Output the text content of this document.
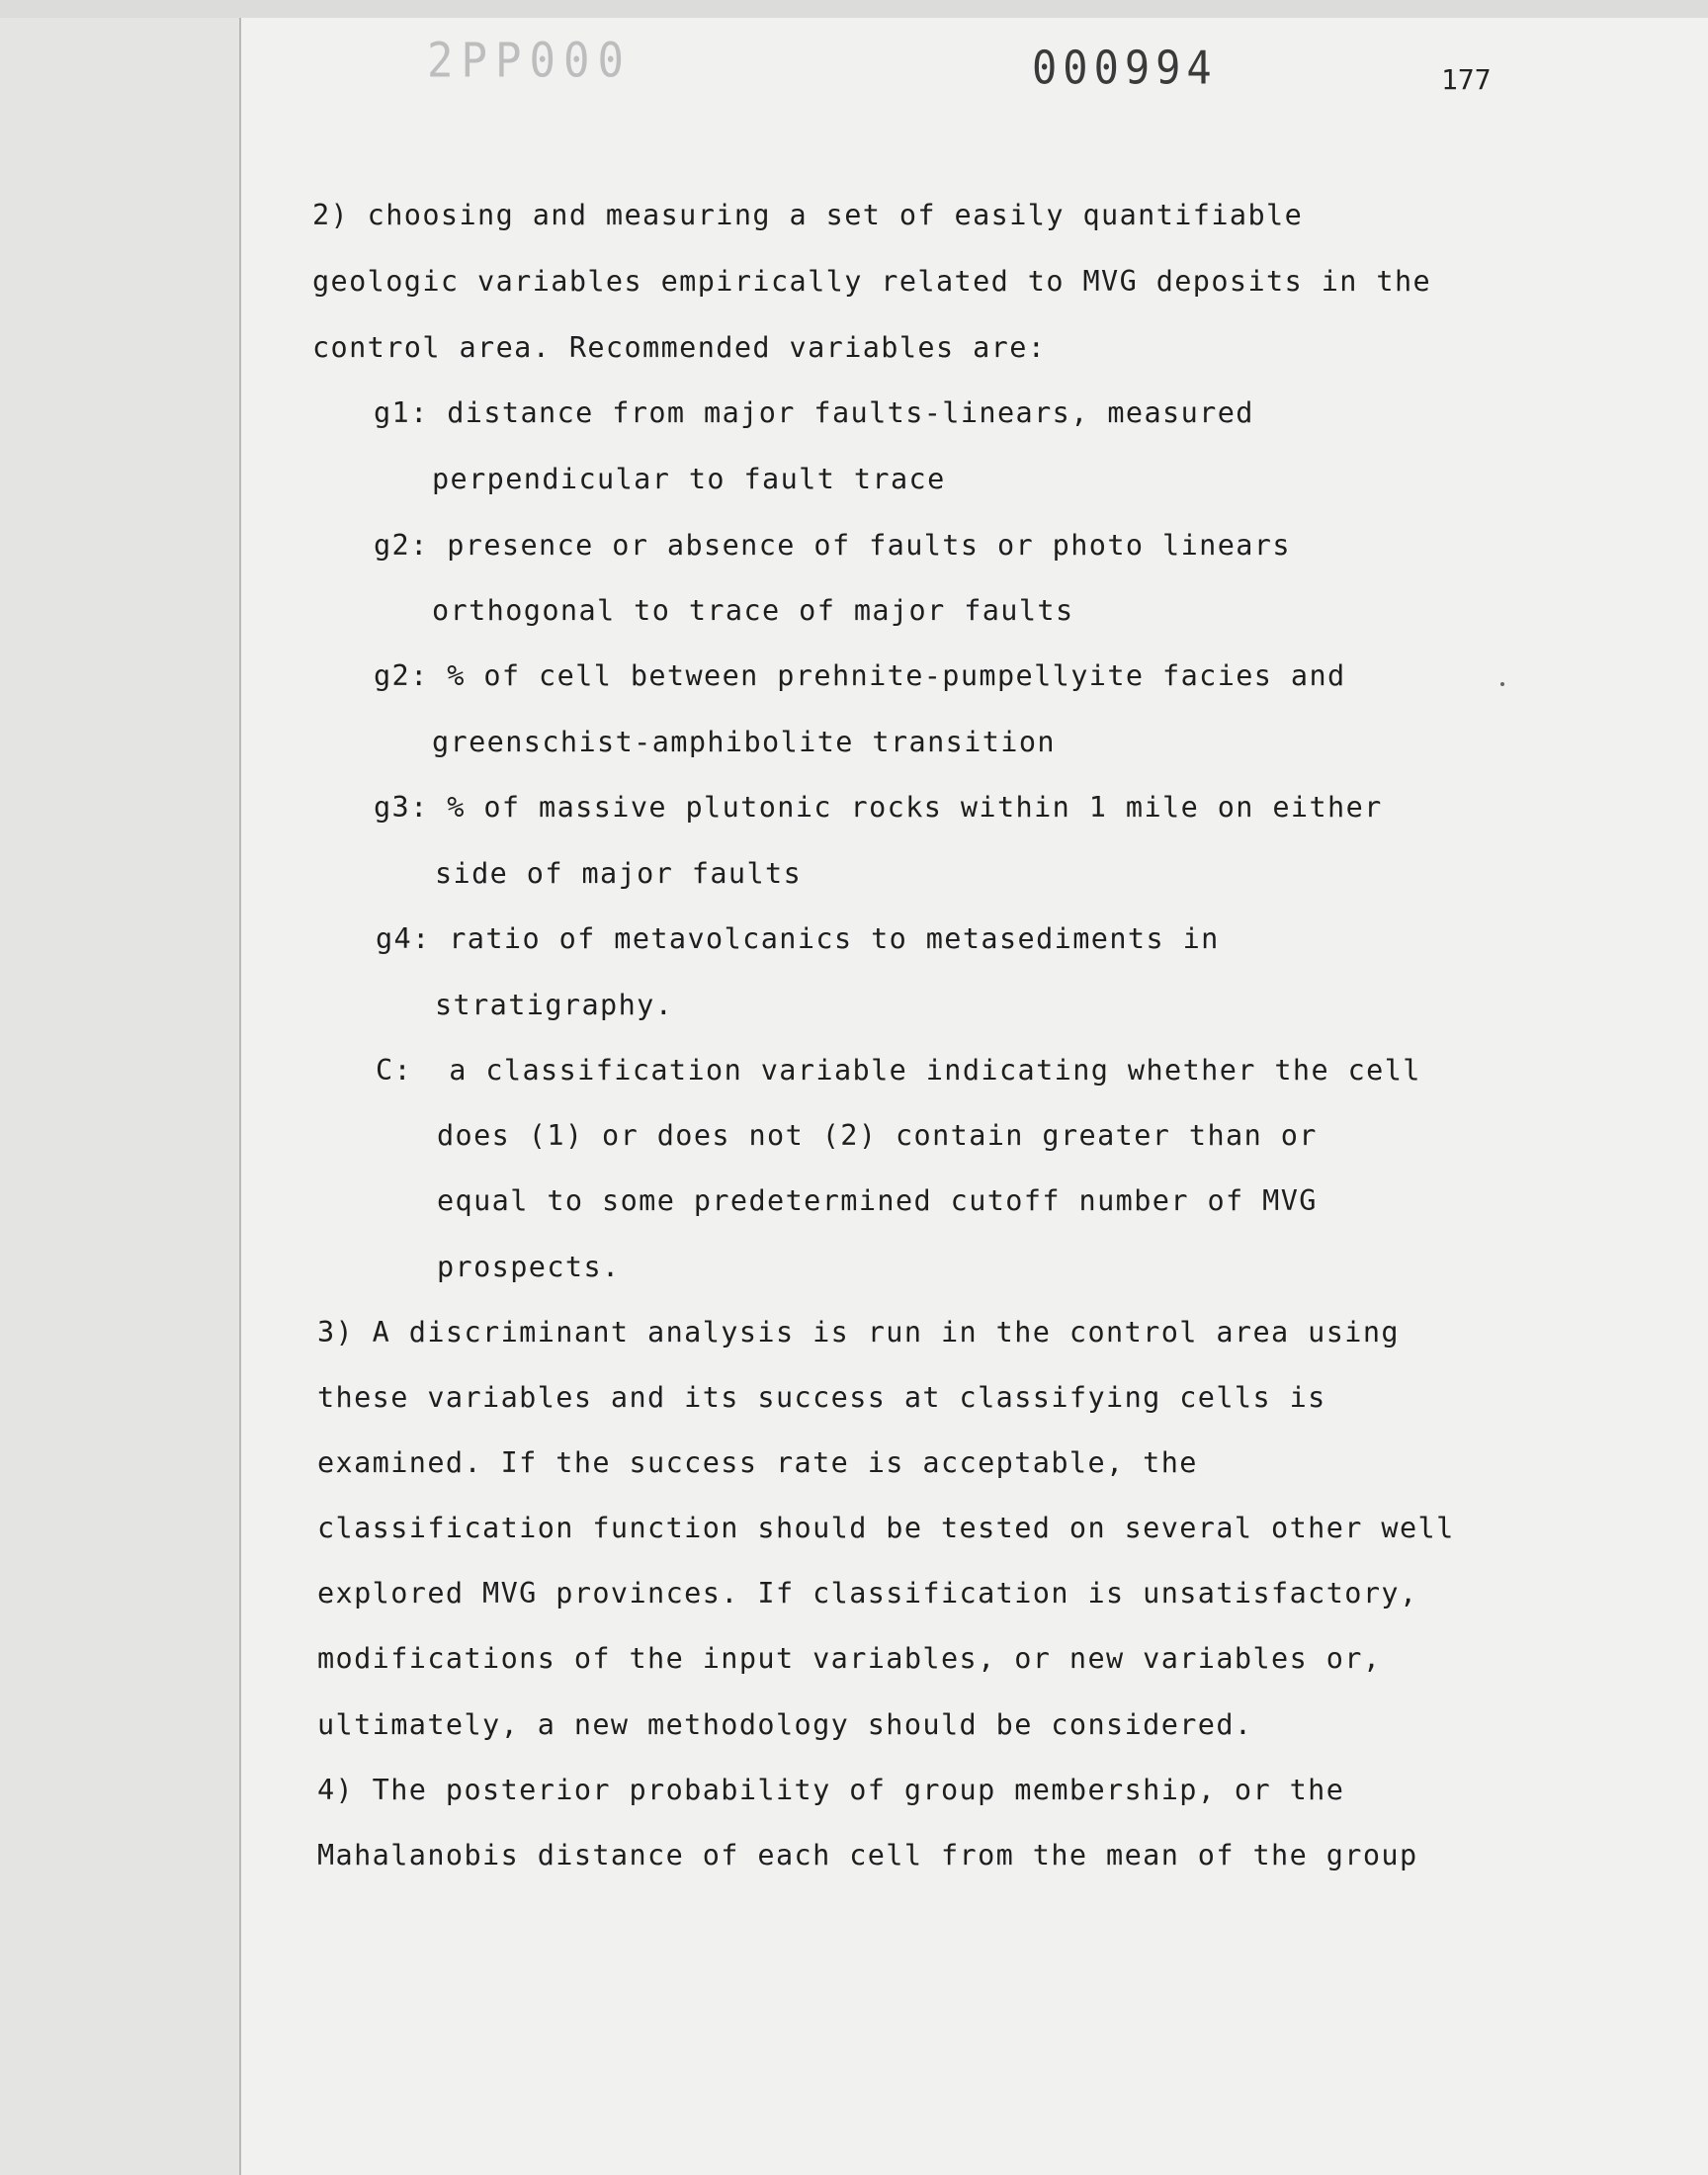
2PP000	000994	177
2) choosing and measuring a set of easily quantifiable
geologic variables empirically related to MVG deposits in the
control area. Recommended variables are:
g1: distance from major faults-linears, measured
perpendicular to fault trace
g2: presence or absence of faults or photo linears
orthogonal to trace of major faults
g2: % of cell between prehnite-pumpellyite facies and
greenschist-amphibolite transition
g3: % of massive plutonic rocks within 1 mile on either
side of major faults
g4: ratio of metavolcanics to metasediments in
stratigraphy.
C:  a classification variable indicating whether the cell
does (1) or does not (2) contain greater than or
equal to some predetermined cutoff number of MVG
prospects.
3) A discriminant analysis is run in the control area using
these variables and its success at classifying cells is
examined. If the success rate is acceptable, the
classification function should be tested on several other well
explored MVG provinces. If classification is unsatisfactory,
modifications of the input variables, or new variables or,
ultimately, a new methodology should be considered.
4) The posterior probability of group membership, or the
Mahalanobis distance of each cell from the mean of the group
